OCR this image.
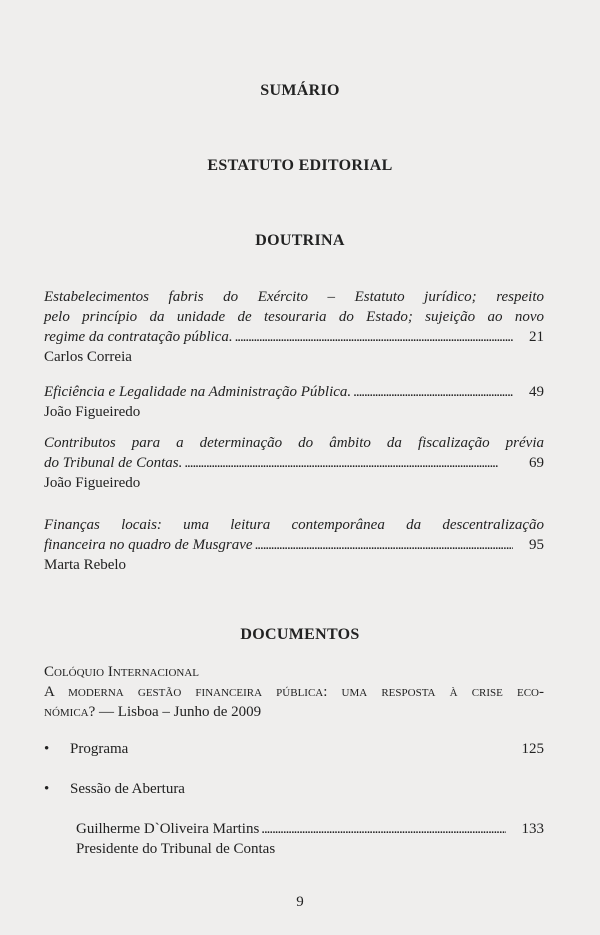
SUMÁRIO
ESTATUTO EDITORIAL
DOUTRINA
Estabelecimentos fabris do Exército – Estatuto jurídico; respeito
pelo princípio da unidade de tesouraria do Estado; sujeição ao novo
regime da contratação pública. . . .	21
Carlos Correia
Eficiência e Legalidade na Administração Pública. . . .	49
João Figueiredo
Contributos para a determinação do âmbito da fiscalização prévia
do Tribunal de Contas. . . .	69
João Figueiredo
Finanças locais: uma leitura contemporânea da descentralização
financeira no quadro de Musgrave . . .	95
Marta Rebelo
DOCUMENTOS
Colóquio Internacional
A moderna gestão financeira pública: uma resposta à crise eco-
nómica? — Lisboa – Junho de 2009
•	Programa	125
•	Sessão de Abertura
Guilherme D`Oliveira Martins . . .	133
Presidente do Tribunal de Contas
9
